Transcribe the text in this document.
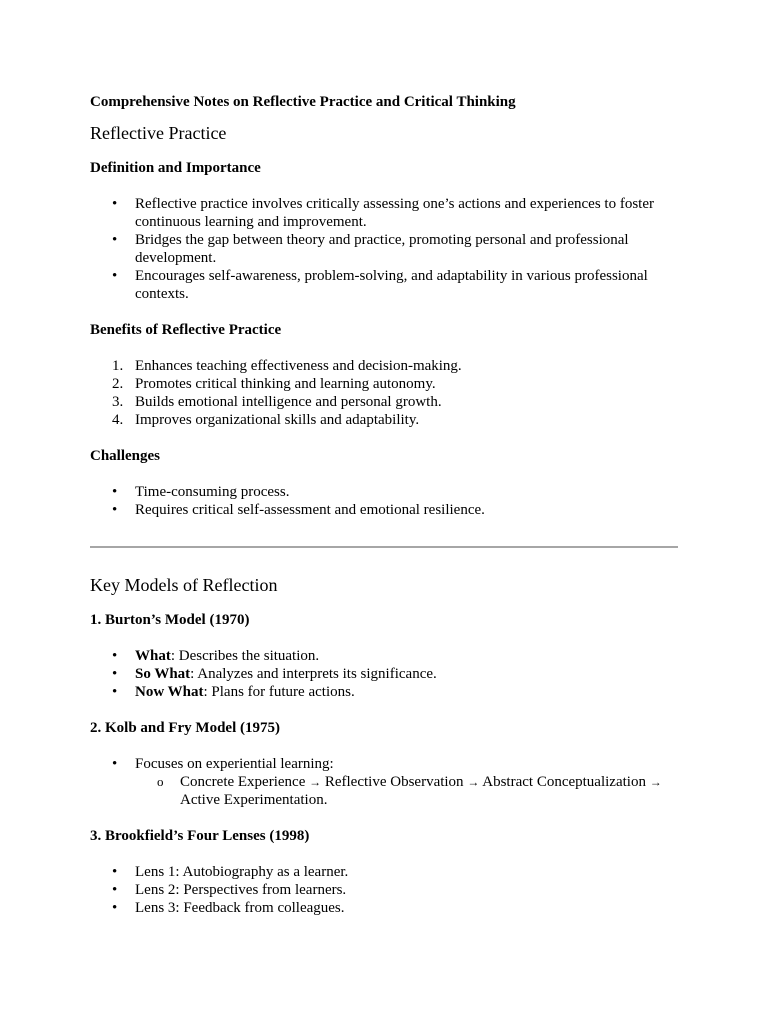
Comprehensive Notes on Reflective Practice and Critical Thinking
Reflective Practice
Definition and Importance
• Reflective practice involves critically assessing one’s actions and experiences to foster continuous learning and improvement.
• Bridges the gap between theory and practice, promoting personal and professional development.
• Encourages self-awareness, problem-solving, and adaptability in various professional contexts.
Benefits of Reflective Practice
1. Enhances teaching effectiveness and decision-making.
2. Promotes critical thinking and learning autonomy.
3. Builds emotional intelligence and personal growth.
4. Improves organizational skills and adaptability.
Challenges
• Time-consuming process.
• Requires critical self-assessment and emotional resilience.
Key Models of Reflection
1. Burton’s Model (1970)
• What: Describes the situation.
• So What: Analyzes and interprets its significance.
• Now What: Plans for future actions.
2. Kolb and Fry Model (1975)
• Focuses on experiential learning:
o Concrete Experience → Reflective Observation → Abstract Conceptualization → Active Experimentation.
3. Brookfield’s Four Lenses (1998)
• Lens 1: Autobiography as a learner.
• Lens 2: Perspectives from learners.
• Lens 3: Feedback from colleagues.
